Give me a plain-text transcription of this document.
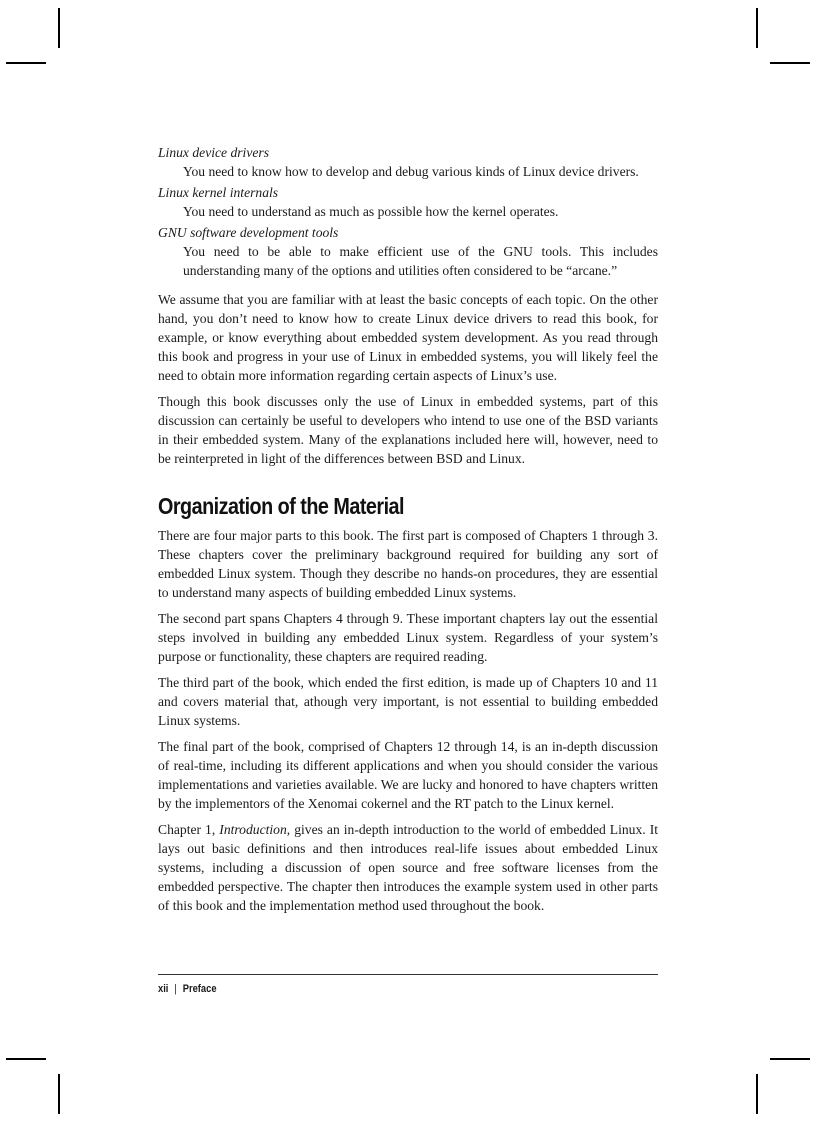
Linux device drivers

You need to know how to develop and debug various kinds of Linux device drivers.

Linux kernel internals

You need to understand as much as possible how the kernel operates.

GNU software development tools

You need to be able to make efficient use of the GNU tools. This includes understanding many of the options and utilities often considered to be “arcane.”

We assume that you are familiar with at least the basic concepts of each topic. On the other hand, you don’t need to know how to create Linux device drivers to read this book, for example, or know everything about embedded system development. As you read through this book and progress in your use of Linux in embedded systems, you will likely feel the need to obtain more information regarding certain aspects of Linux’s use.

Though this book discusses only the use of Linux in embedded systems, part of this discussion can certainly be useful to developers who intend to use one of the BSD variants in their embedded system. Many of the explanations included here will, however, need to be reinterpreted in light of the differences between BSD and Linux.

Organization of the Material

There are four major parts to this book. The first part is composed of Chapters 1 through 3. These chapters cover the preliminary background required for building any sort of embedded Linux system. Though they describe no hands-on procedures, they are essential to understand many aspects of building embedded Linux systems.

The second part spans Chapters 4 through 9. These important chapters lay out the essential steps involved in building any embedded Linux system. Regardless of your system’s purpose or functionality, these chapters are required reading.

The third part of the book, which ended the first edition, is made up of Chapters 10 and 11 and covers material that, athough very important, is not essential to building embedded Linux systems.

The final part of the book, comprised of Chapters 12 through 14, is an in-depth discussion of real-time, including its different applications and when you should consider the various implementations and varieties available. We are lucky and honored to have chapters written by the implementors of the Xenomai cokernel and the RT patch to the Linux kernel.

Chapter 1, Introduction, gives an in-depth introduction to the world of embedded Linux. It lays out basic definitions and then introduces real-life issues about embedded Linux systems, including a discussion of open source and free software licenses from the embedded perspective. The chapter then introduces the example system used in other parts of this book and the implementation method used throughout the book.

xii | Preface
